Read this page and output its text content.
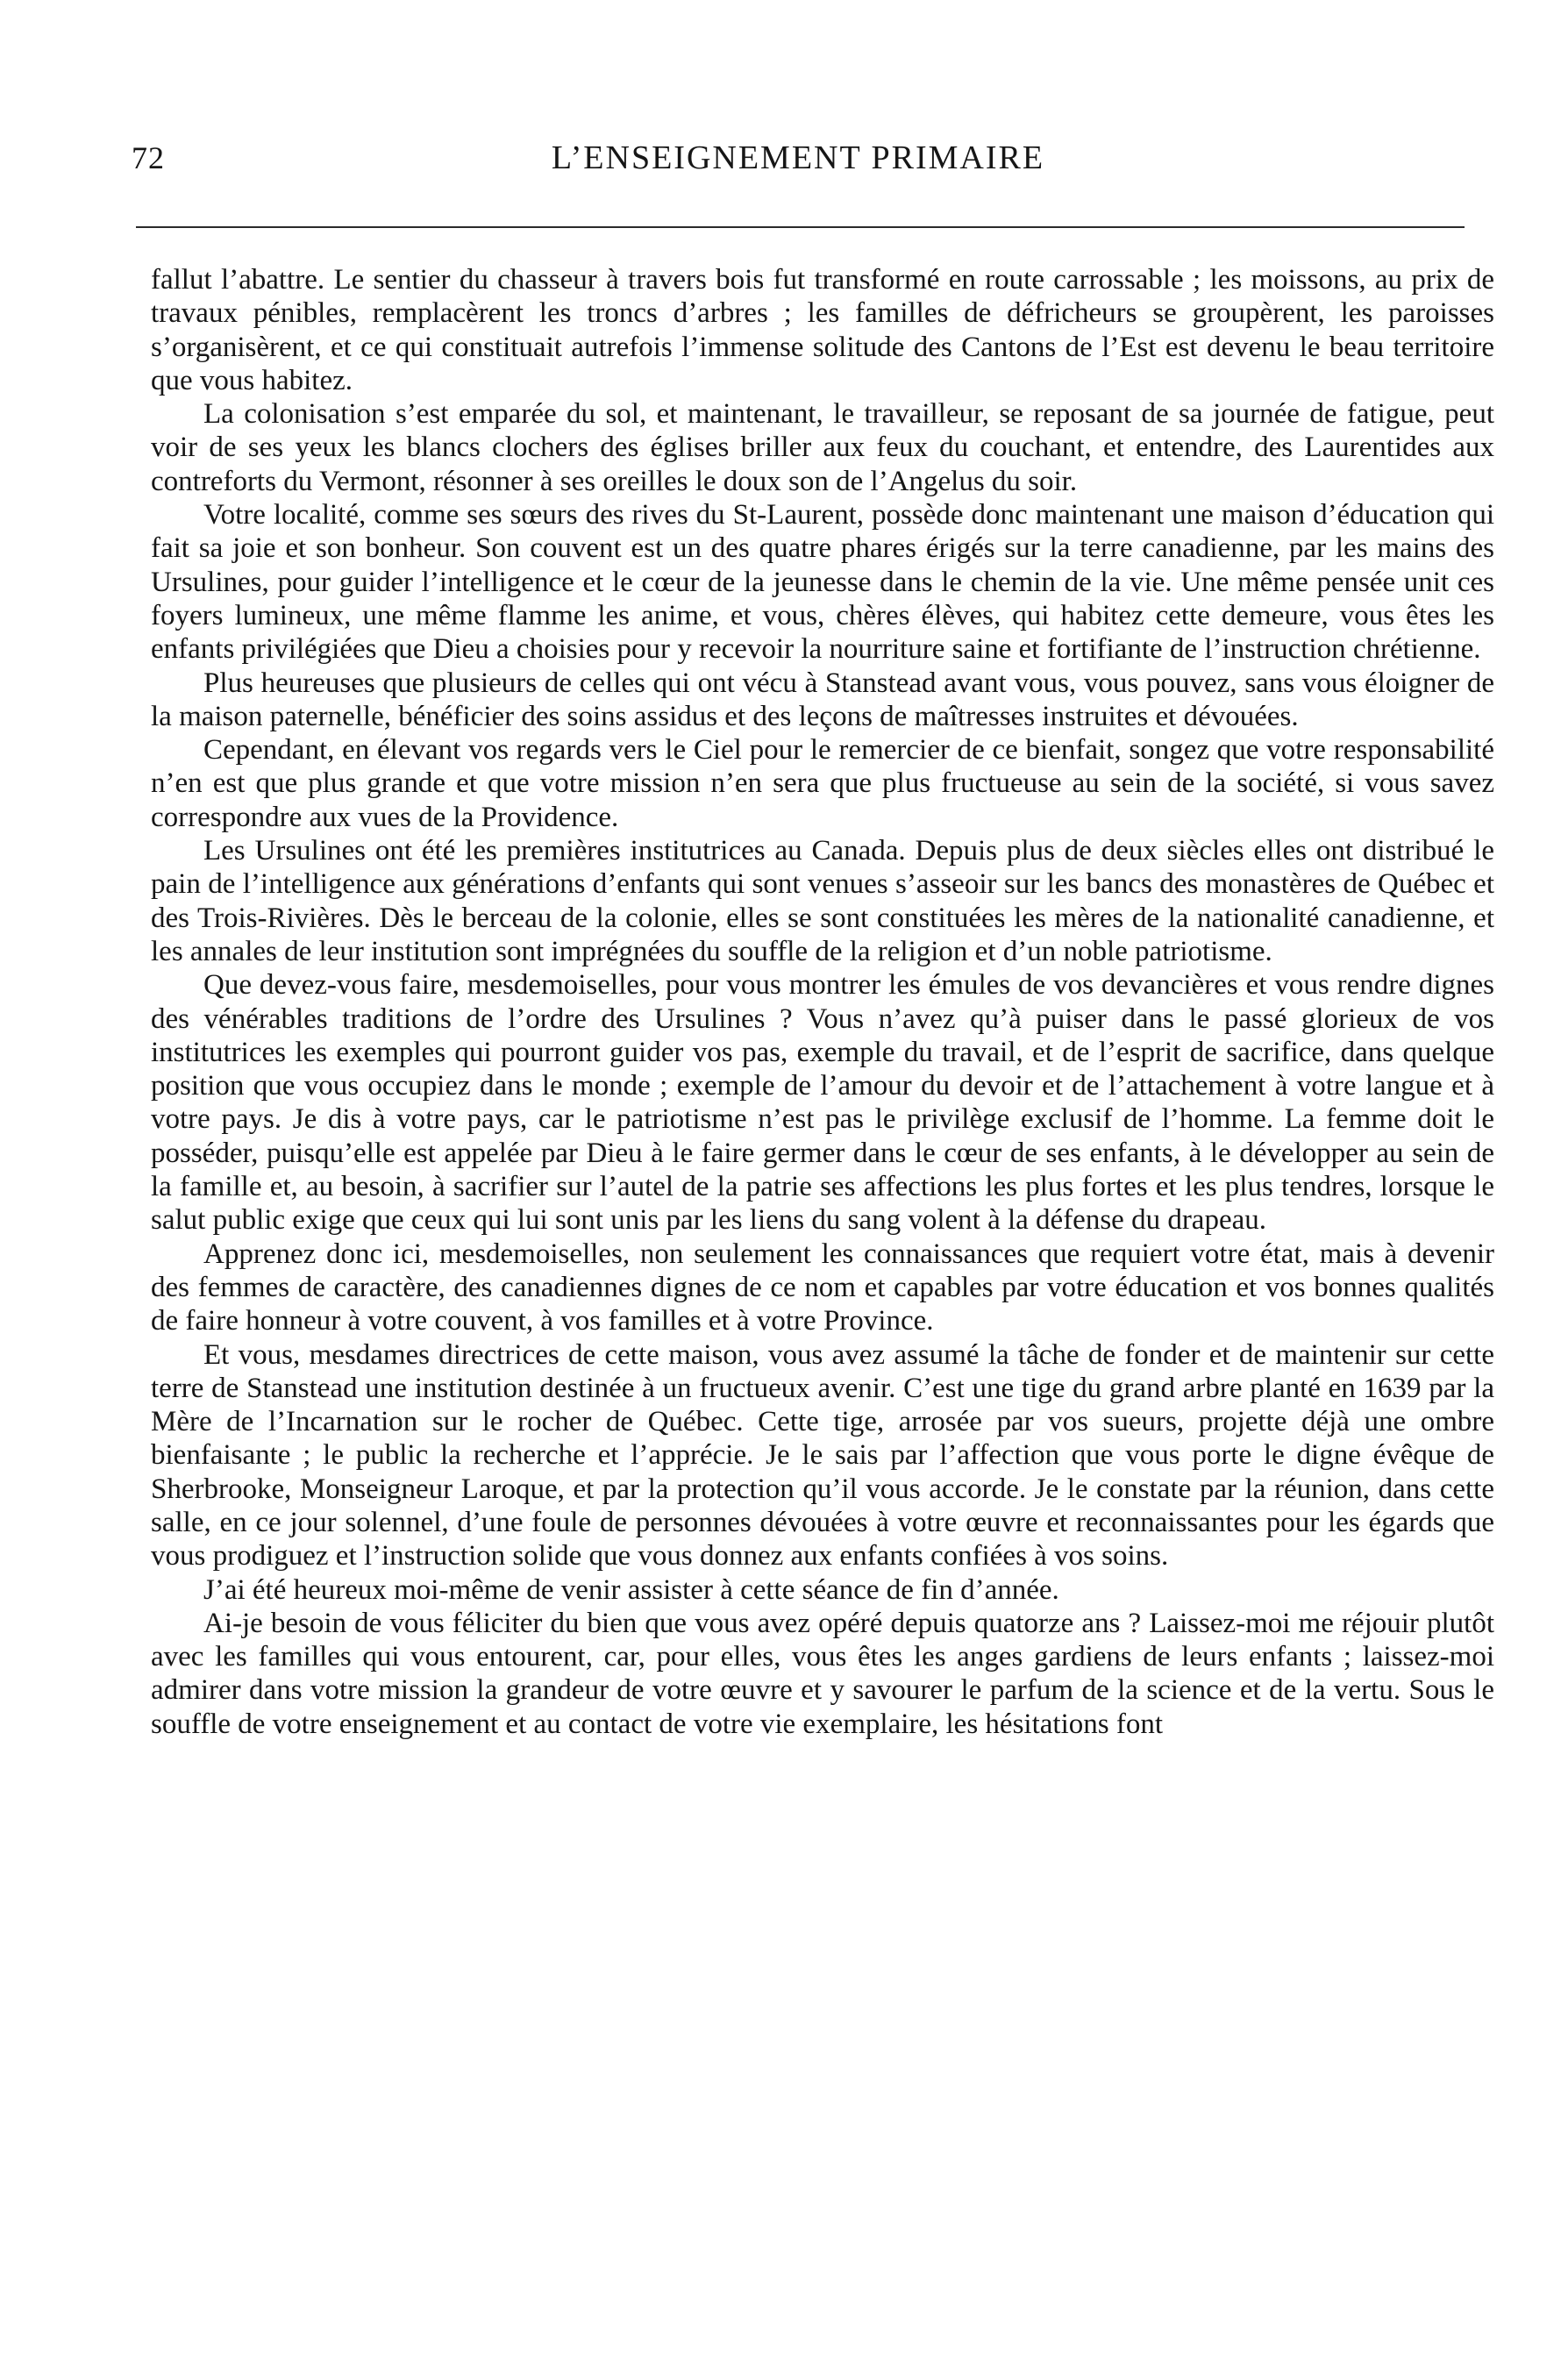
72	L’ENSEIGNEMENT PRIMAIRE

fallut l’abattre. Le sentier du chasseur à travers bois fut transformé en route carrossable ; les moissons, au prix de travaux pénibles, remplacèrent les troncs d’arbres ; les familles de défricheurs se groupèrent, les paroisses s’organisèrent, et ce qui constituait autrefois l’immense solitude des Cantons de l’Est est devenu le beau territoire que vous habitez.

La colonisation s’est emparée du sol, et maintenant, le travailleur, se reposant de sa journée de fatigue, peut voir de ses yeux les blancs clochers des églises briller aux feux du couchant, et entendre, des Laurentides aux contreforts du Vermont, résonner à ses oreilles le doux son de l’Angelus du soir.

Votre localité, comme ses sœurs des rives du St-Laurent, possède donc maintenant une maison d’éducation qui fait sa joie et son bonheur. Son couvent est un des quatre phares érigés sur la terre canadienne, par les mains des Ursulines, pour guider l’intelligence et le cœur de la jeunesse dans le chemin de la vie. Une même pensée unit ces foyers lumineux, une même flamme les anime, et vous, chères élèves, qui habitez cette demeure, vous êtes les enfants privilégiées que Dieu a choisies pour y recevoir la nourriture saine et fortifiante de l’instruction chrétienne.

Plus heureuses que plusieurs de celles qui ont vécu à Stanstead avant vous, vous pouvez, sans vous éloigner de la maison paternelle, bénéficier des soins assidus et des leçons de maîtresses instruites et dévouées.

Cependant, en élevant vos regards vers le Ciel pour le remercier de ce bienfait, songez que votre responsabilité n’en est que plus grande et que votre mission n’en sera que plus fructueuse au sein de la société, si vous savez correspondre aux vues de la Providence.

Les Ursulines ont été les premières institutrices au Canada. Depuis plus de deux siècles elles ont distribué le pain de l’intelligence aux générations d’enfants qui sont venues s’asseoir sur les bancs des monastères de Québec et des Trois-Rivières. Dès le berceau de la colonie, elles se sont constituées les mères de la nationalité canadienne, et les annales de leur institution sont imprégnées du souffle de la religion et d’un noble patriotisme.

Que devez-vous faire, mesdemoiselles, pour vous montrer les émules de vos devancières et vous rendre dignes des vénérables traditions de l’ordre des Ursulines ? Vous n’avez qu’à puiser dans le passé glorieux de vos institutrices les exemples qui pourront guider vos pas, exemple du travail, et de l’esprit de sacrifice, dans quelque position que vous occupiez dans le monde ; exemple de l’amour du devoir et de l’attachement à votre langue et à votre pays. Je dis à votre pays, car le patriotisme n’est pas le privilège exclusif de l’homme. La femme doit le posséder, puisqu’elle est appelée par Dieu à le faire germer dans le cœur de ses enfants, à le développer au sein de la famille et, au besoin, à sacrifier sur l’autel de la patrie ses affections les plus fortes et les plus tendres, lorsque le salut public exige que ceux qui lui sont unis par les liens du sang volent à la défense du drapeau.

Apprenez donc ici, mesdemoiselles, non seulement les connaissances que requiert votre état, mais à devenir des femmes de caractère, des canadiennes dignes de ce nom et capables par votre éducation et vos bonnes qualités de faire honneur à votre couvent, à vos familles et à votre Province.

Et vous, mesdames directrices de cette maison, vous avez assumé la tâche de fonder et de maintenir sur cette terre de Stanstead une institution destinée à un fructueux avenir. C’est une tige du grand arbre planté en 1639 par la Mère de l’Incarnation sur le rocher de Québec. Cette tige, arrosée par vos sueurs, projette déjà une ombre bienfaisante ; le public la recherche et l’apprécie. Je le sais par l’affection que vous porte le digne évêque de Sherbrooke, Monseigneur Laroque, et par la protection qu’il vous accorde. Je le constate par la réunion, dans cette salle, en ce jour solennel, d’une foule de personnes dévouées à votre œuvre et reconnaissantes pour les égards que vous prodiguez et l’instruction solide que vous donnez aux enfants confiées à vos soins.

J’ai été heureux moi-même de venir assister à cette séance de fin d’année.

Ai-je besoin de vous féliciter du bien que vous avez opéré depuis quatorze ans ? Laissez-moi me réjouir plutôt avec les familles qui vous entourent, car, pour elles, vous êtes les anges gardiens de leurs enfants ; laissez-moi admirer dans votre mission la grandeur de votre œuvre et y savourer le parfum de la science et de la vertu. Sous le souffle de votre enseignement et au contact de votre vie exemplaire, les hésitations font
